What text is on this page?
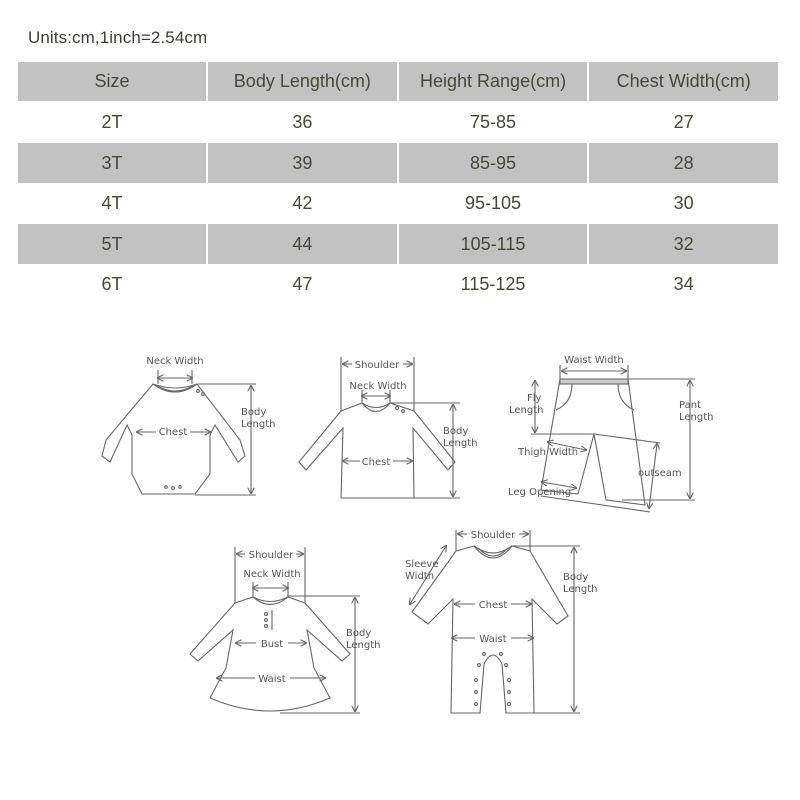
Units:cm,1inch=2.54cm
Size	Body Length(cm)	Height Range(cm)	Chest Width(cm)
2T	36	75-85	27
3T	39	85-95	28
4T	42	95-105	30
5T	44	105-115	32
6T	47	115-125	34
Neck Width
Chest
Body
Length
Shoulder
Neck Width
Chest
Body
Length
Waist Width
Fly
Length	Pant
Length
Thigh Width
outseam
Leg Opening
Shoulder
Neck Width
Bust
Waist
Body
Length
Shoulder
Sleeve
Width
Chest
Waist
Body
Length
